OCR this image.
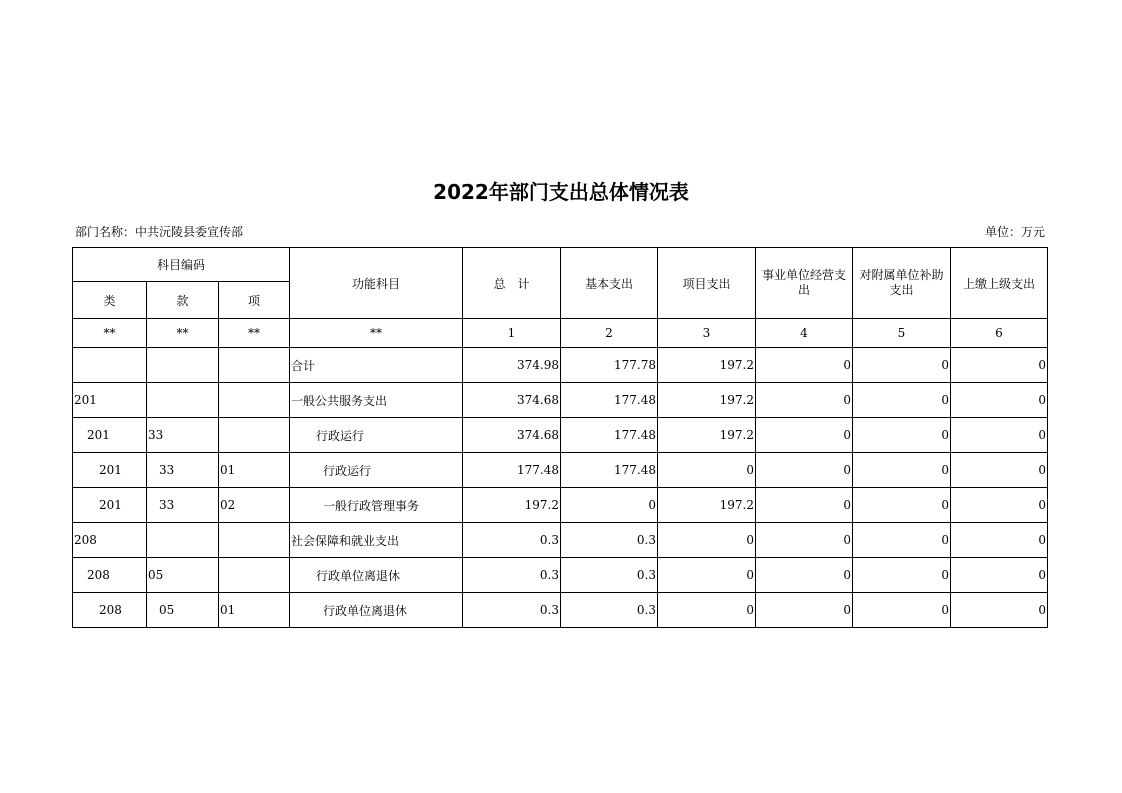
2022年部门支出总体情况表
部门名称：中共沅陵县委宣传部	单位：万元
科目编码			功能科目	总　计	基本支出	项目支出	事业单位经营支出	对附属单位补助支出	上缴上级支出
类	款	项							
**	**	**	**	1	2	3	4	5	6
			合计	374.98	177.78	197.2	0	0	0
201			一般公共服务支出	374.68	177.48	197.2	0	0	0
201	33		行政运行	374.68	177.48	197.2	0	0	0
201	33	01	行政运行	177.48	177.48	0	0	0	0
201	33	02	一般行政管理事务	197.2	0	197.2	0	0	0
208			社会保障和就业支出	0.3	0.3	0	0	0	0
208	05		行政单位离退休	0.3	0.3	0	0	0	0
208	05	01	行政单位离退休	0.3	0.3	0	0	0	0
